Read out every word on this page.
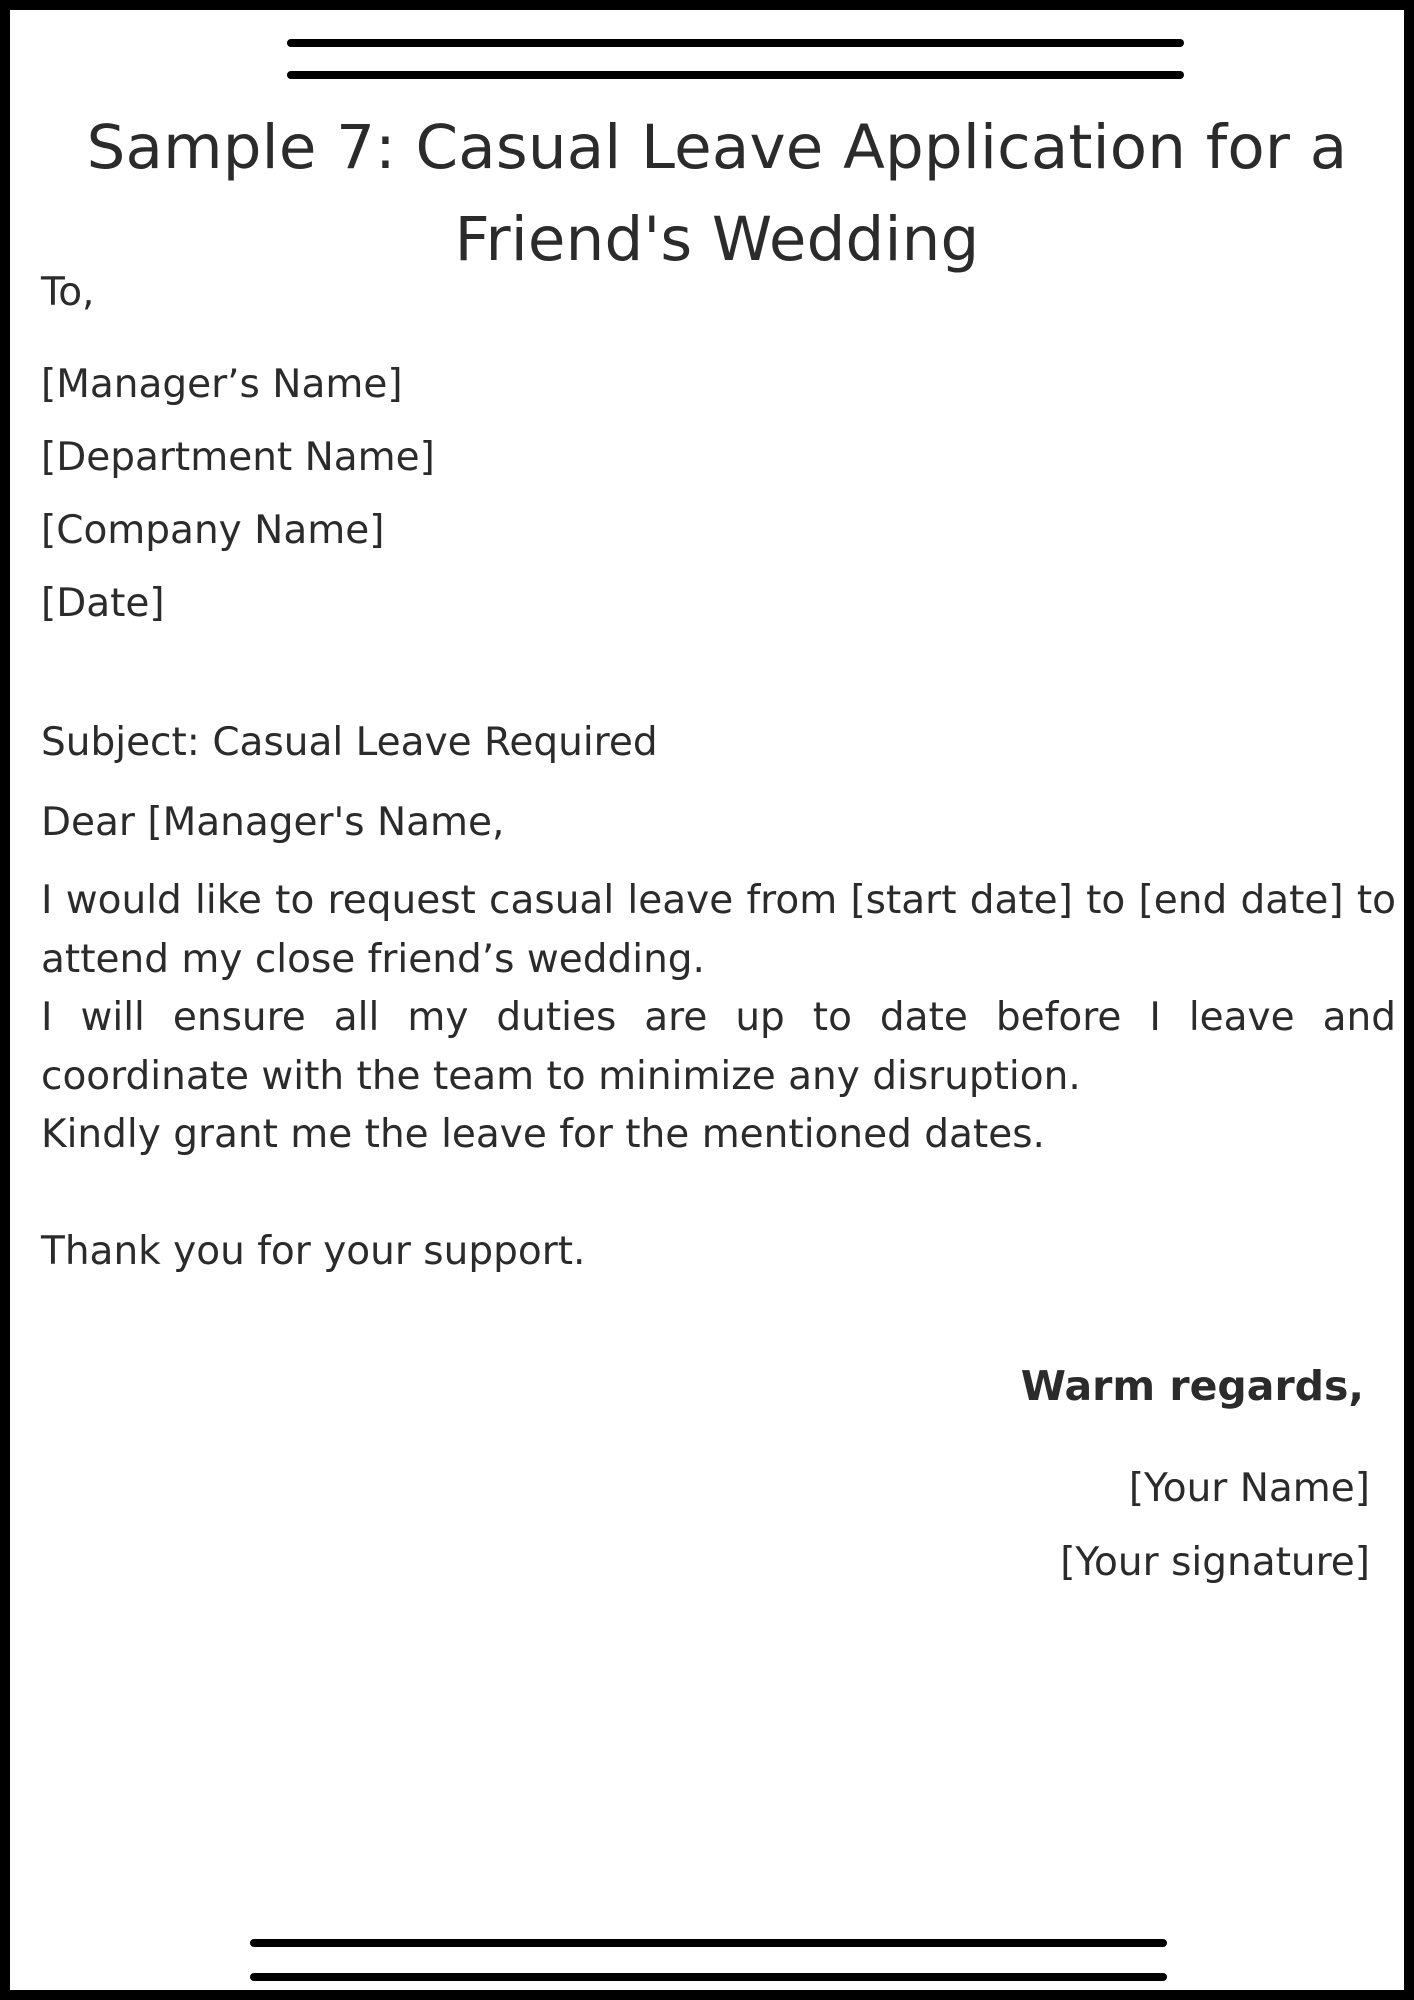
Sample 7: Casual Leave Application for a Friend's Wedding
To,
[Manager’s Name]
[Department Name]
[Company Name]
[Date]
Subject: Casual Leave Required
Dear [Manager's Name,

I would like to request casual leave from [start date] to [end date] to attend my close friend’s wedding.

I will ensure all my duties are up to date before I leave and coordinate with the team to minimize any disruption.

Kindly grant me the leave for the mentioned dates.

Thank you for your support.

Warm regards,
[Your Name]
[Your signature]
